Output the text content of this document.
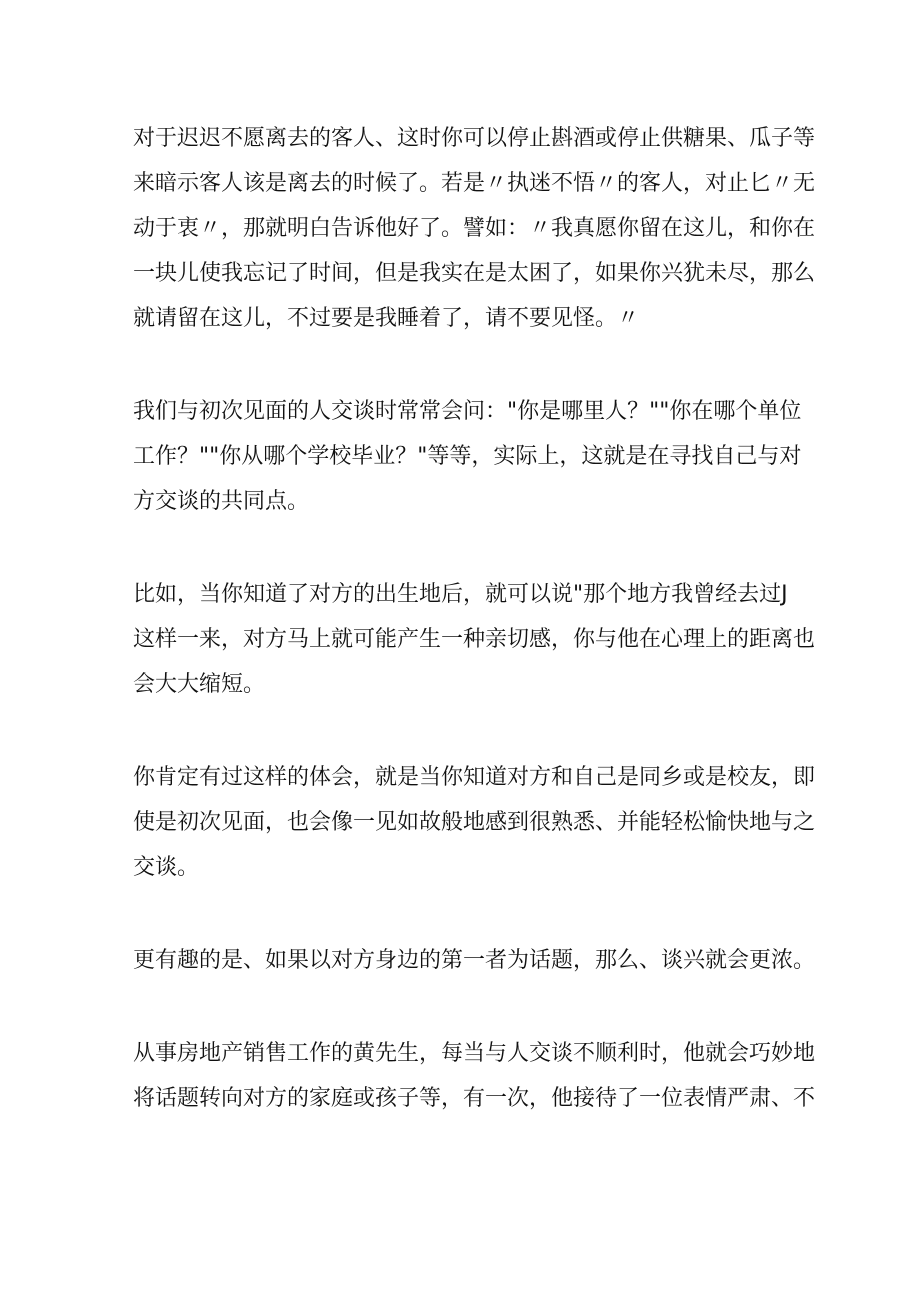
对于迟迟不愿离去的客人、这时你可以停止斟酒或停止供糖果、瓜子等
来暗示客人该是离去的时候了。若是〃执迷不悟〃的客人，对止匕〃无
动于衷〃，那就明白告诉他好了。譬如：〃我真愿你留在这儿，和你在
一块儿使我忘记了时间，但是我实在是太困了，如果你兴犹未尽，那么
就请留在这儿，不过要是我睡着了，请不要见怪。〃

我们与初次见面的人交谈时常常会问："你是哪里人？""你在哪个单位
工作？""你从哪个学校毕业？"等等，实际上，这就是在寻找自己与对
方交谈的共同点。

比如，当你知道了对方的出生地后，就可以说"那个地方我曾经去过J
这样一来，对方马上就可能产生一种亲切感，你与他在心理上的距离也
会大大缩短。

你肯定有过这样的体会，就是当你知道对方和自己是同乡或是校友，即
使是初次见面，也会像一见如故般地感到很熟悉、并能轻松愉快地与之
交谈。

更有趣的是、如果以对方身边的第一者为话题，那么、谈兴就会更浓。

从事房地产销售工作的黄先生，每当与人交谈不顺利时，他就会巧妙地
将话题转向对方的家庭或孩子等，有一次，他接待了一位表情严肃、不
